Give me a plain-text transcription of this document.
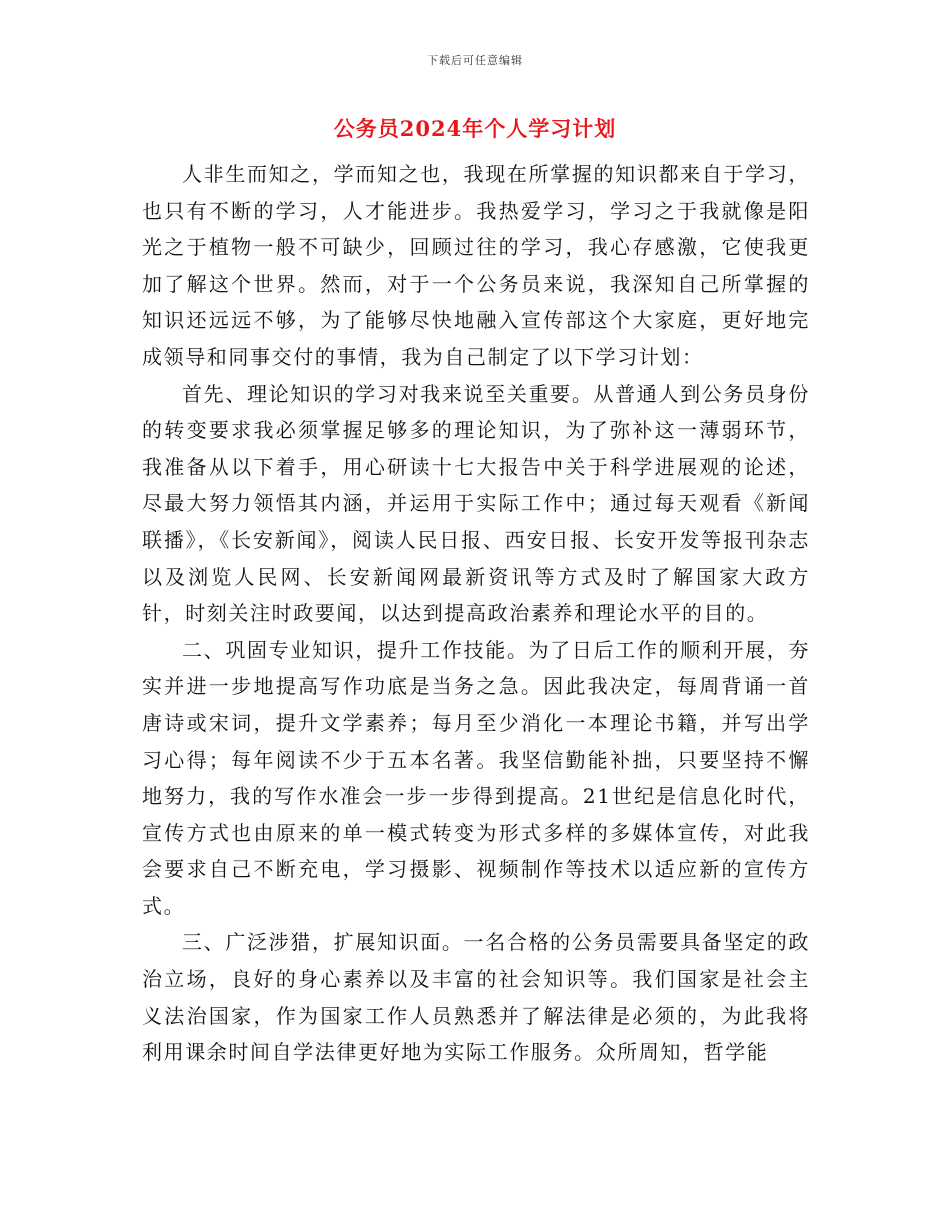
下载后可任意编辑
公务员2024年个人学习计划

人非生而知之，学而知之也，我现在所掌握的知识都来自于学习，也只有不断的学习，人才能进步。我热爱学习，学习之于我就像是阳光之于植物一般不可缺少，回顾过往的学习，我心存感激，它使我更加了解这个世界。然而，对于一个公务员来说，我深知自己所掌握的知识还远远不够，为了能够尽快地融入宣传部这个大家庭，更好地完成领导和同事交付的事情，我为自己制定了以下学习计划：

首先、理论知识的学习对我来说至关重要。从普通人到公务员身份的转变要求我必须掌握足够多的理论知识，为了弥补这一薄弱环节，我准备从以下着手，用心研读十七大报告中关于科学进展观的论述，尽最大努力领悟其内涵，并运用于实际工作中；通过每天观看《新闻联播》，《长安新闻》，阅读人民日报、西安日报、长安开发等报刊杂志以及浏览人民网、长安新闻网最新资讯等方式及时了解国家大政方针，时刻关注时政要闻，以达到提高政治素养和理论水平的目的。

二、巩固专业知识，提升工作技能。为了日后工作的顺利开展，夯实并进一步地提高写作功底是当务之急。因此我决定，每周背诵一首唐诗或宋词，提升文学素养；每月至少消化一本理论书籍，并写出学习心得；每年阅读不少于五本名著。我坚信勤能补拙，只要坚持不懈地努力，我的写作水准会一步一步得到提高。21世纪是信息化时代，宣传方式也由原来的单一模式转变为形式多样的多媒体宣传，对此我会要求自己不断充电，学习摄影、视频制作等技术以适应新的宣传方式。

三、广泛涉猎，扩展知识面。一名合格的公务员需要具备坚定的政治立场，良好的身心素养以及丰富的社会知识等。我们国家是社会主义法治国家，作为国家工作人员熟悉并了解法律是必须的，为此我将利用课余时间自学法律更好地为实际工作服务。众所周知，哲学能
